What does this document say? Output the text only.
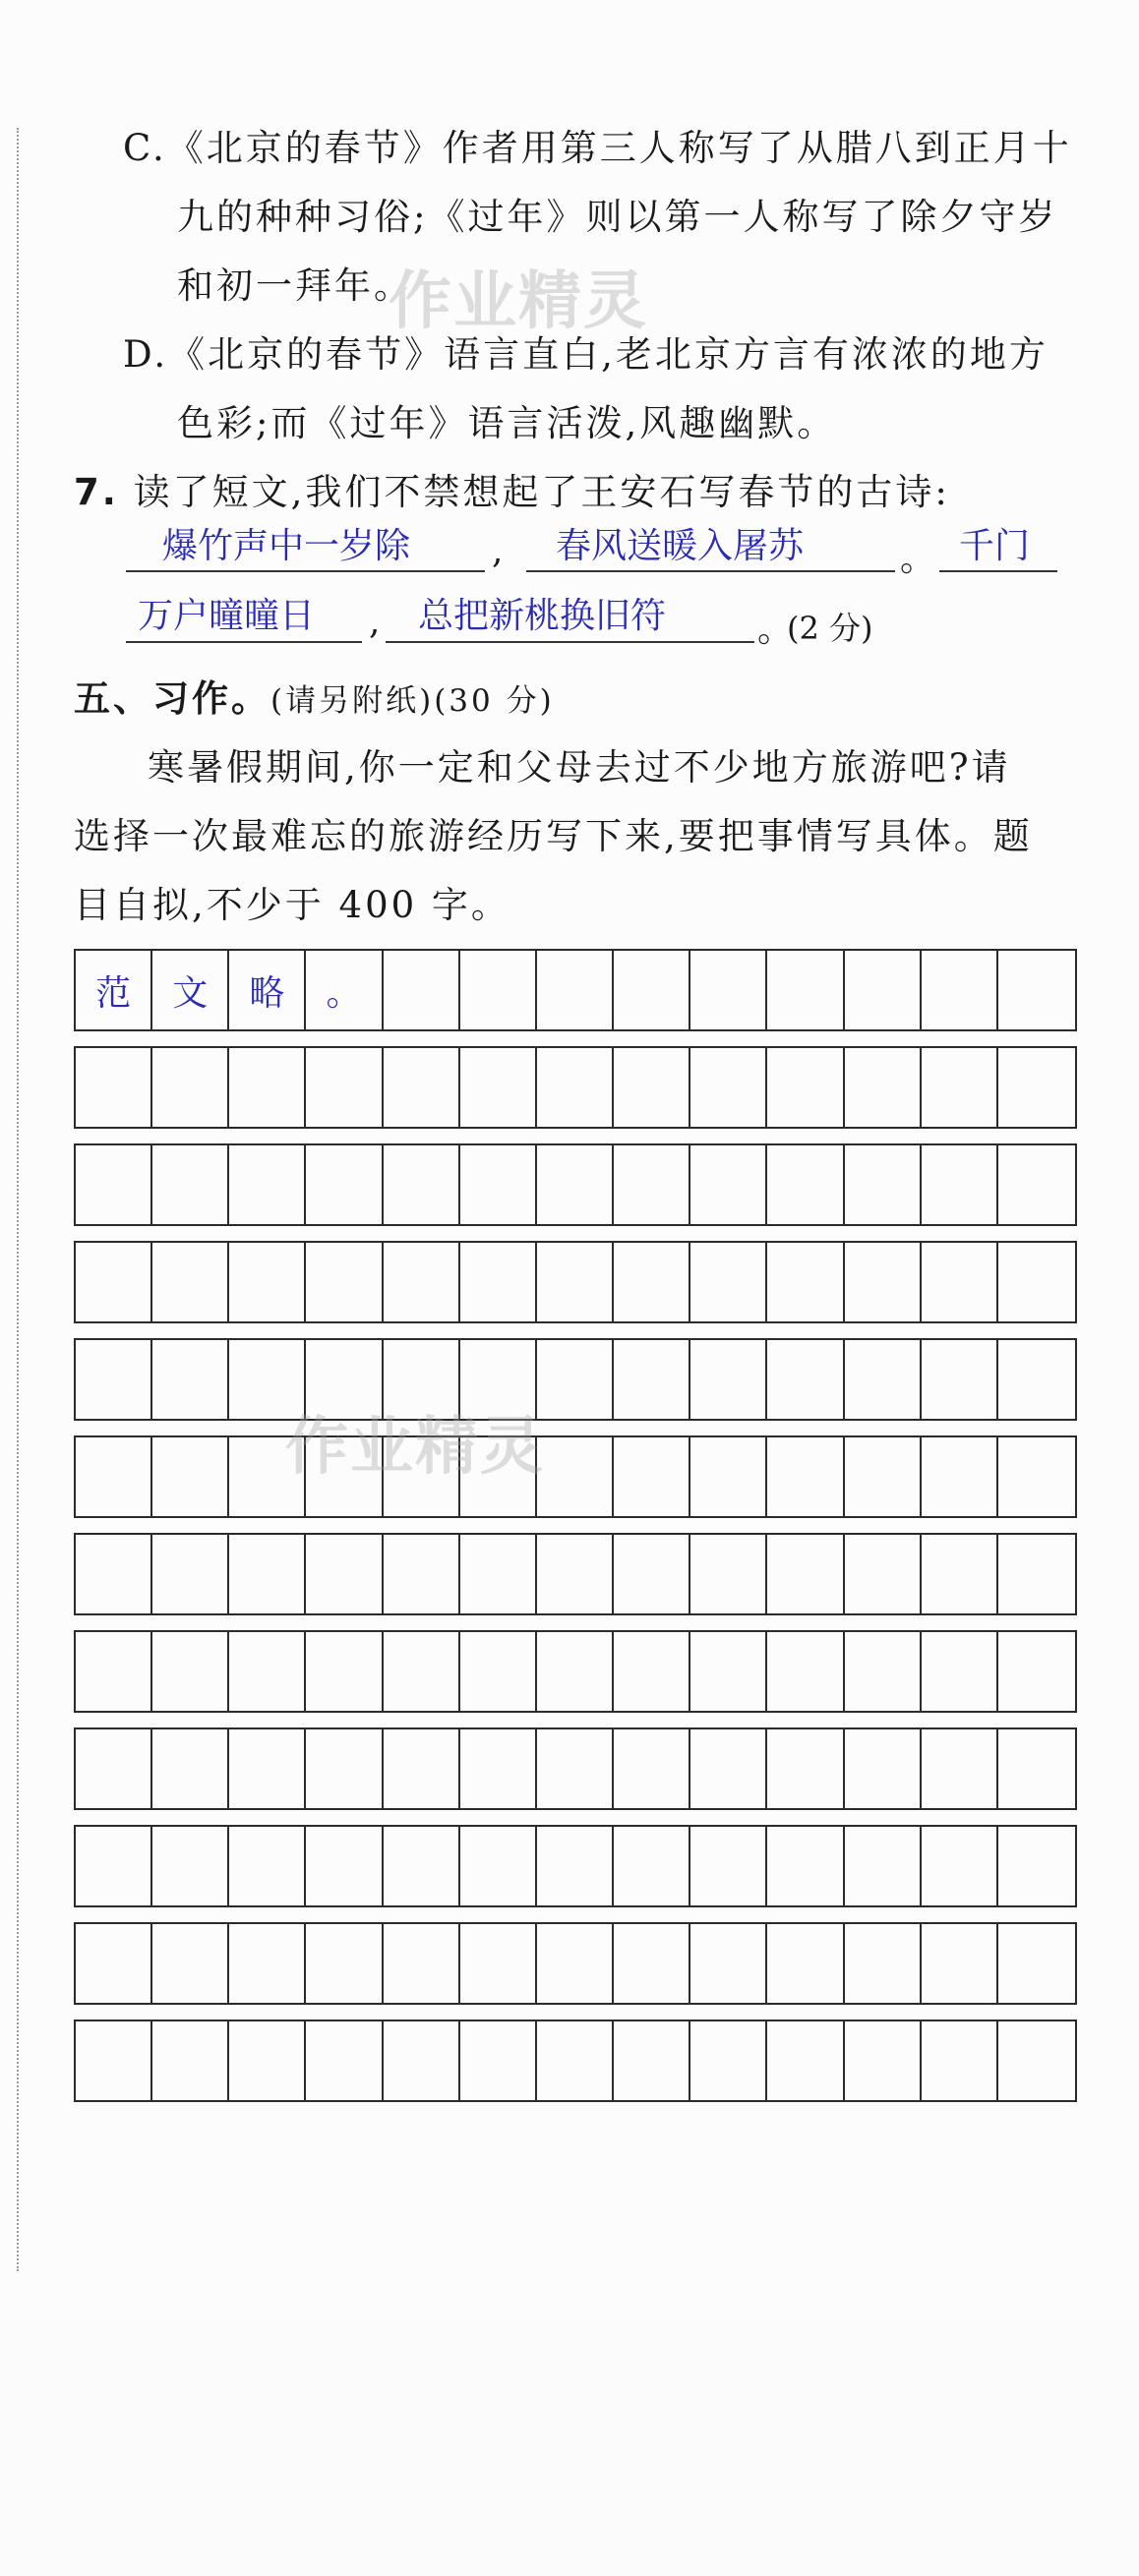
C.《北京的春节》作者用第三人称写了从腊八到正月十
九的种种习俗;《过年》则以第一人称写了除夕守岁
和初一拜年。
D.《北京的春节》语言直白,老北京方言有浓浓的地方
色彩;而《过年》语言活泼,风趣幽默。
7. 读了短文,我们不禁想起了王安石写春节的古诗:
爆竹声中一岁除 , 春风送暖入屠苏	。 千门
万户曈曈日 , 总把新桃换旧符	。
(2 分)
五、习作。(请另附纸)(30 分)
寒暑假期间,你一定和父母去过不少地方旅游吧?请
选择一次最难忘的旅游经历写下来,要把事情写具体。题
目自拟,不少于 400 字。
范	文	略	。
作业精灵
作业精灵
